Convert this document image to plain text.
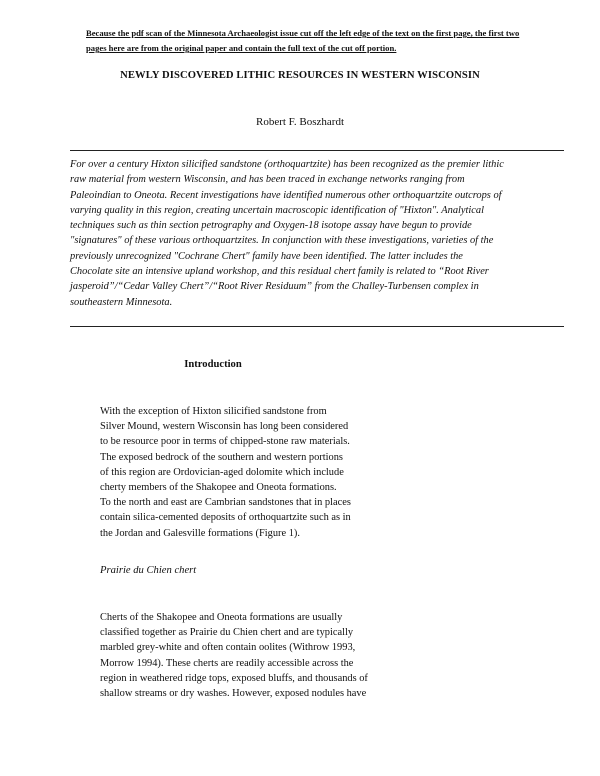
Because the pdf scan of the Minnesota Archaeologist issue cut off the left edge of the text on the first page, the first two
pages here are from the original paper and contain the full text of the cut off portion.
NEWLY DISCOVERED LITHIC RESOURCES IN WESTERN WISCONSIN
Robert F. Boszhardt
For over a century Hixton silicified sandstone (orthoquartzite) has been recognized as the premier lithic
raw material from western Wisconsin, and has been traced in exchange networks ranging from
Paleoindian to Oneota. Recent investigations have identified numerous other orthoquartzite outcrops of
varying quality in this region, creating uncertain macroscopic identification of "Hixton". Analytical
techniques such as thin section petrography and Oxygen-18 isotope assay have begun to provide
"signatures" of these various orthoquartzites. In conjunction with these investigations, varieties of the
previously unrecognized "Cochrane Chert" family have been identified. The latter includes the
Chocolate site an intensive upland workshop, and this residual chert family is related to “Root River
jasperoid”/“Cedar Valley Chert”/“Root River Residuum” from the Challey-Turbensen complex in
southeastern Minnesota.
Introduction
With the exception of Hixton silicified sandstone from
Silver Mound, western Wisconsin has long been considered
to be resource poor in terms of chipped-stone raw materials.
The exposed bedrock of the southern and western portions
of this region are Ordovician-aged dolomite which include
cherty members of the Shakopee and Oneota formations.
To the north and east are Cambrian sandstones that in places
contain silica-cemented deposits of orthoquartzite such as in
the Jordan and Galesville formations (Figure 1).
Prairie du Chien chert
Cherts of the Shakopee and Oneota formations are usually
classified together as Prairie du Chien chert and are typically
marbled grey-white and often contain oolites (Withrow 1993,
Morrow 1994). These cherts are readily accessible across the
region in weathered ridge tops, exposed bluffs, and thousands of
shallow streams or dry washes. However, exposed nodules have
